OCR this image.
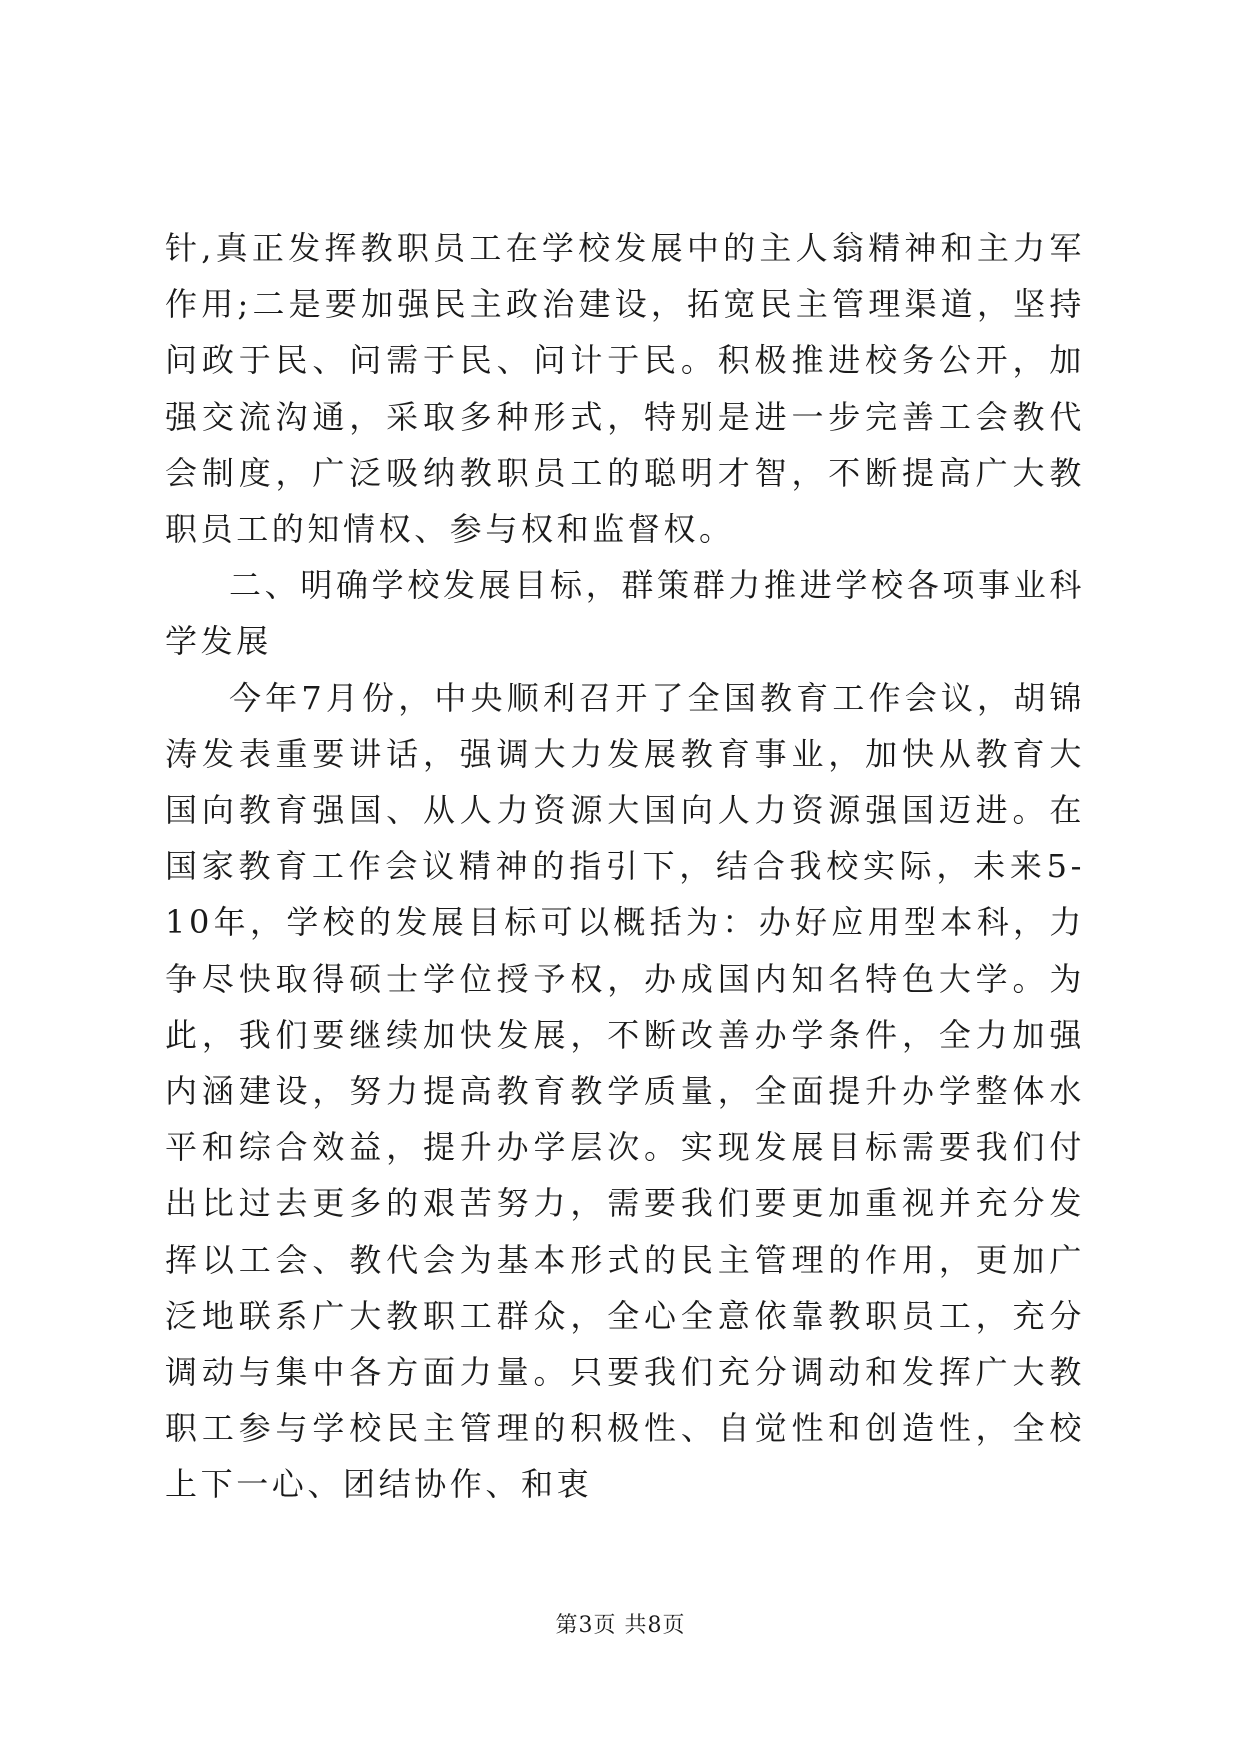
针,真正发挥教职员工在学校发展中的主人翁精神和主力军作用;二是要加强民主政治建设，拓宽民主管理渠道，坚持问政于民、问需于民、问计于民。积极推进校务公开，加强交流沟通，采取多种形式，特别是进一步完善工会教代会制度，广泛吸纳教职员工的聪明才智，不断提高广大教职员工的知情权、参与权和监督权。

二、明确学校发展目标，群策群力推进学校各项事业科学发展

今年7月份，中央顺利召开了全国教育工作会议，胡锦涛发表重要讲话，强调大力发展教育事业，加快从教育大国向教育强国、从人力资源大国向人力资源强国迈进。在国家教育工作会议精神的指引下，结合我校实际，未来5-10年，学校的发展目标可以概括为：办好应用型本科，力争尽快取得硕士学位授予权，办成国内知名特色大学。为此，我们要继续加快发展，不断改善办学条件，全力加强内涵建设，努力提高教育教学质量，全面提升办学整体水平和综合效益，提升办学层次。实现发展目标需要我们付出比过去更多的艰苦努力，需要我们要更加重视并充分发挥以工会、教代会为基本形式的民主管理的作用，更加广泛地联系广大教职工群众，全心全意依靠教职员工，充分调动与集中各方面力量。只要我们充分调动和发挥广大教职工参与学校民主管理的积极性、自觉性和创造性，全校上下一心、团结协作、和衷

第3页 共8页
